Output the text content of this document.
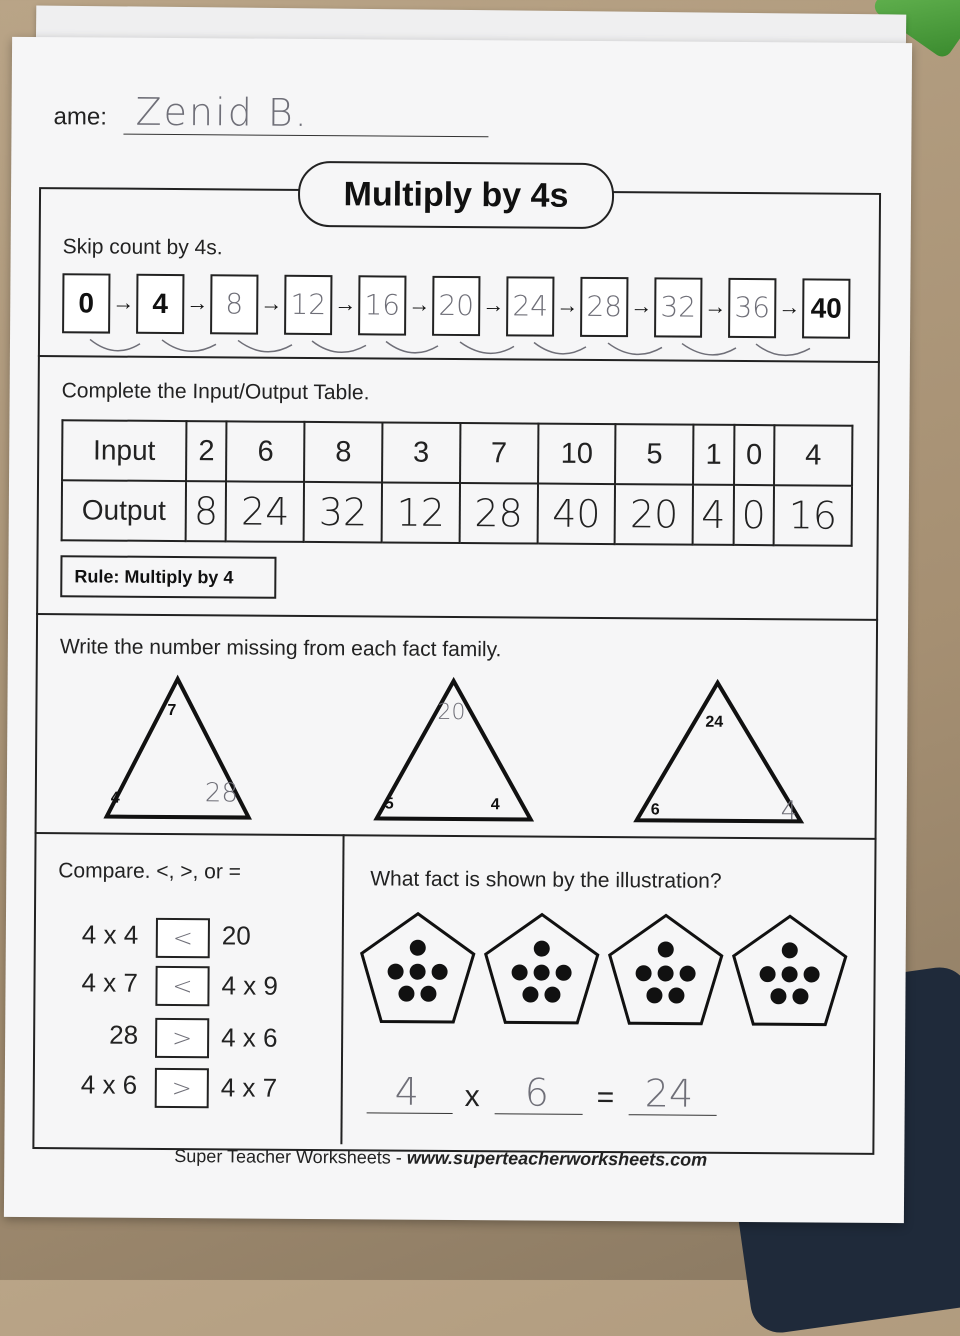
ame: Zenid B.
Multiply by 4s
Skip count by 4s.
0 → 4 → 8 → 12 → 16 → 20 → 24 → 28 → 32 → 36 → 40
Complete the Input/Output Table.
Input	2	6	8	3	7	10	5	1	0	4
Output	8	24	32	12	28	40	20	4	0	16
Rule: Multiply by 4
Write the number missing from each fact family.
7
4	28
20
5	4
24
6	4
Compare. <, >, or =
4 x 4	<	20
4 x 7	<	4 x 9
28	>	4 x 6
4 x 6	>	4 x 7
What fact is shown by the illustration?
4 x 6 = 24
Super Teacher Worksheets - www.superteacherworksheets.com
